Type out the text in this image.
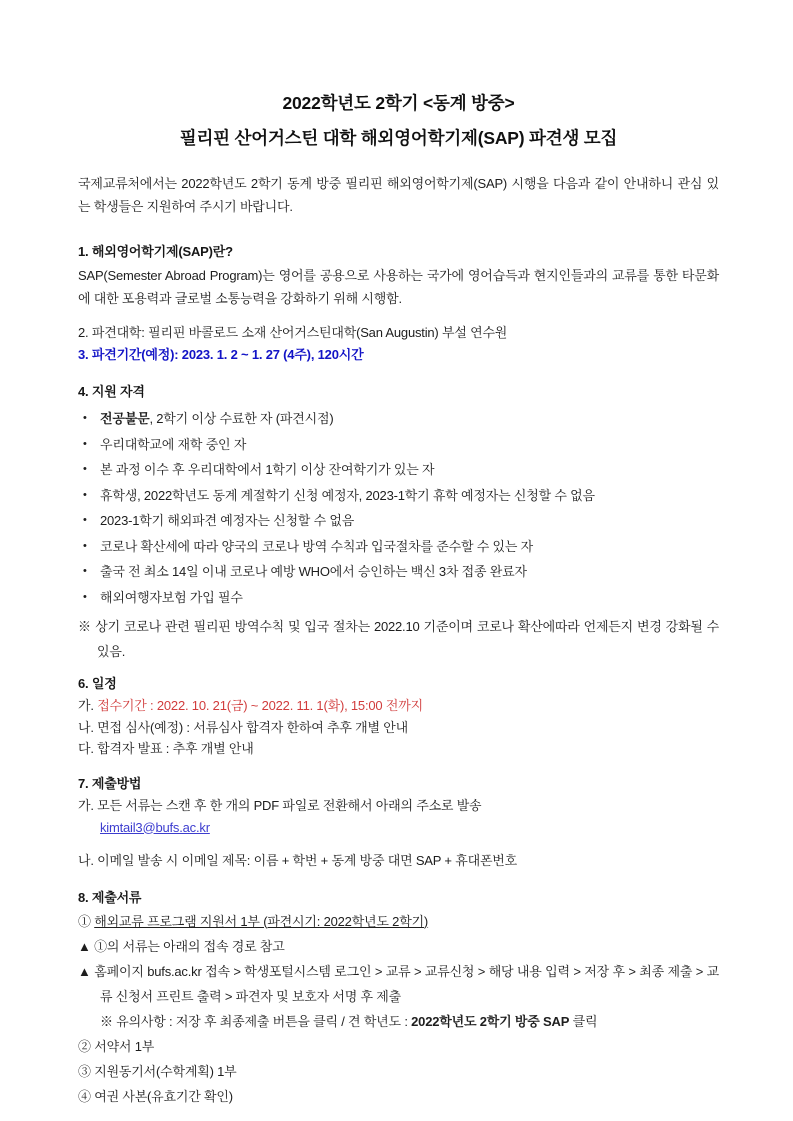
2022학년도 2학기 <동계 방중>
필리핀 산어거스틴 대학 해외영어학기제(SAP) 파견생 모집

국제교류처에서는 2022학년도 2학기 동계 방중 필리핀 해외영어학기제(SAP) 시행을 다음과 같이 안내하니 관심 있는 학생들은 지원하여 주시기 바랍니다.

1. 해외영어학기제(SAP)란?

SAP(Semester Abroad Program)는 영어를 공용으로 사용하는 국가에 영어습득과 현지인들과의 교류를 통한 타문화에 대한 포용력과 글로벌 소통능력을 강화하기 위해 시행함.

2. 파견대학: 필리핀 바콜로드 소재 산어거스틴대학(San Augustin) 부설 연수원

3. 파견기간(예정): 2023. 1. 2 ~ 1. 27 (4주), 120시간

4. 지원 자격

• 전공불문, 2학기 이상 수료한 자 (파견시점)
• 우리대학교에 재학 중인 자
• 본 과정 이수 후 우리대학에서 1학기 이상 잔여학기가 있는 자
• 휴학생, 2022학년도 동계 계절학기 신청 예정자, 2023-1학기 휴학 예정자는 신청할 수 없음
• 2023-1학기 해외파견 예정자는 신청할 수 없음
• 코로나 확산세에 따라 양국의 코로나 방역 수칙과 입국절차를 준수할 수 있는 자
• 출국 전 최소 14일 이내 코로나 예방 WHO에서 승인하는 백신 3차 접종 완료자
• 해외여행자보험 가입 필수

※ 상기 코로나 관련 필리핀 방역수칙 및 입국 절차는 2022.10 기준이며 코로나 확산에따라 언제든지 변경 강화될 수 있음.

6. 일정

가. 접수기간 : 2022. 10. 21(금) ~ 2022. 11. 1(화), 15:00 전까지

나. 면접 심사(예정) : 서류심사 합격자 한하여 추후 개별 안내

다. 합격자 발표 : 추후 개별 안내

7. 제출방법

가. 모든 서류는 스캔 후 한 개의 PDF 파일로 전환해서 아래의 주소로 발송

kimtail3@bufs.ac.kr

나. 이메일 발송 시 이메일 제목: 이름 + 학번 + 동계 방중 대면 SAP + 휴대폰번호

8. 제출서류

① 해외교류 프로그램 지원서 1부 (파견시기: 2022학년도 2학기)

▲ ①의 서류는 아래의 접속 경로 참고

▲ 홈페이지 bufs.ac.kr 접속 > 학생포털시스템 로그인 > 교류 > 교류신청 > 해당 내용 입력 > 저장 후 > 최종 제출 > 교류 신청서 프린트 출력 > 파견자 및 보호자 서명 후 제출

※ 유의사항 : 저장 후 최종제출 버튼을 클릭 / 견 학년도 : 2022학년도 2학기 방중 SAP 클릭

② 서약서 1부

③ 지원동기서(수학계획) 1부

④ 여권 사본(유효기간 확인)
